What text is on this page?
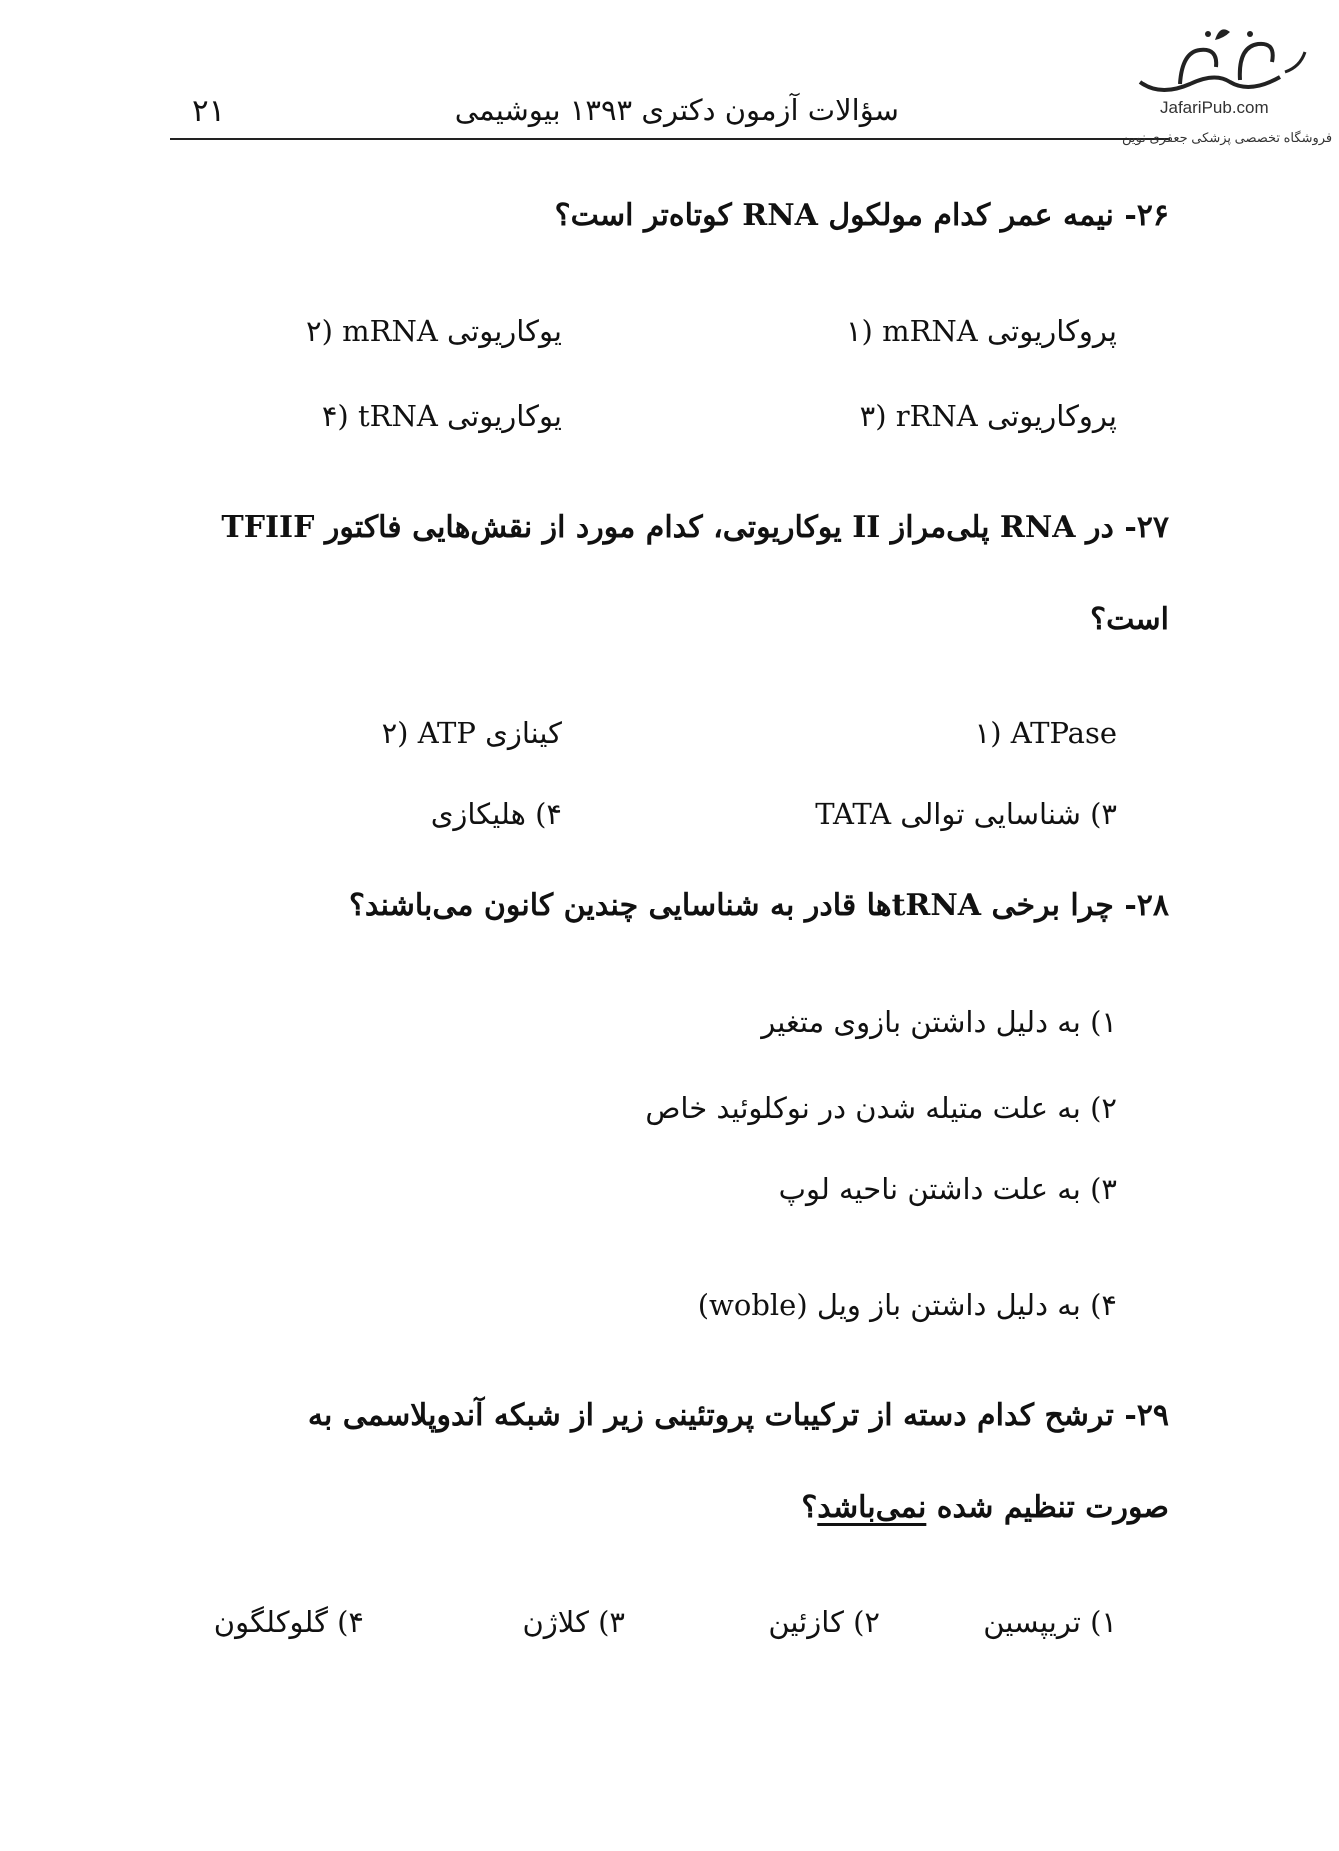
۲۱	سؤالات آزمون دکتری ۱۳۹۳ بیوشیمی	JafariPub.com
فروشگاه تخصصی پزشکی جعفری نوین
۲۶- نیمه عمر کدام مولکول RNA کوتاه‌تر است؟
۱) mRNA پروکاریوتی
۲) mRNA یوکاریوتی
۳) rRNA پروکاریوتی
۴) tRNA یوکاریوتی
۲۷- در RNA پلی‌مراز II یوکاریوتی، کدام مورد از نقش‌هایی فاکتور TFIIF
است؟
۱) ATPase
۲) ATP کینازی
۳) شناسایی توالی TATA
۴) هلیکازی
۲۸- چرا برخی tRNAها قادر به شناسایی چندین کانون می‌باشند؟
۱) به دلیل داشتن بازوی متغیر
۲) به علت متیله شدن در نوکلوئید خاص
۳) به علت داشتن ناحیه لوپ
۴) به دلیل داشتن باز ویل (woble)
۲۹- ترشح کدام دسته از ترکیبات پروتئینی زیر از شبکه آندوپلاسمی به
صورت تنظیم شده نمی‌باشد؟
۱) تریپسین
۲) کازئین
۳) کلاژن
۴) گلوکلگون
